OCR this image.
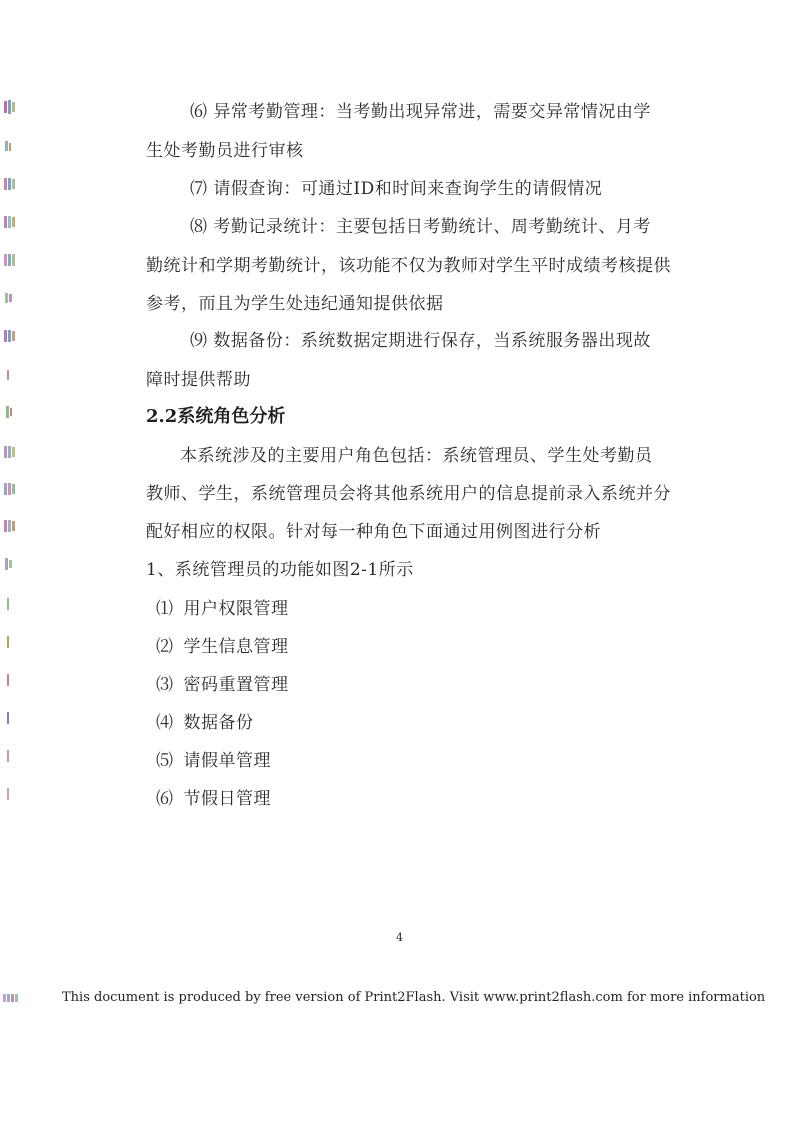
⑹ 异常考勤管理：当考勤出现异常进，需要交异常情况由学
生处考勤员进行审核
⑺ 请假查询：可通过ID和时间来查询学生的请假情况
⑻ 考勤记录统计：主要包括日考勤统计、周考勤统计、月考
勤统计和学期考勤统计，该功能不仅为教师对学生平时成绩考核提供
参考，而且为学生处违纪通知提供依据
⑼ 数据备份：系统数据定期进行保存，当系统服务器出现故
障时提供帮助
2.2系统角色分析
本系统涉及的主要用户角色包括：系统管理员、学生处考勤员
教师、学生，系统管理员会将其他系统用户的信息提前录入系统并分
配好相应的权限。针对每一种角色下面通过用例图进行分析
1、系统管理员的功能如图2-1所示
⑴ 用户权限管理
⑵ 学生信息管理
⑶ 密码重置管理
⑷ 数据备份
⑸ 请假单管理
⑹ 节假日管理
4
This document is produced by free version of Print2Flash. Visit www.print2flash.com for more information
